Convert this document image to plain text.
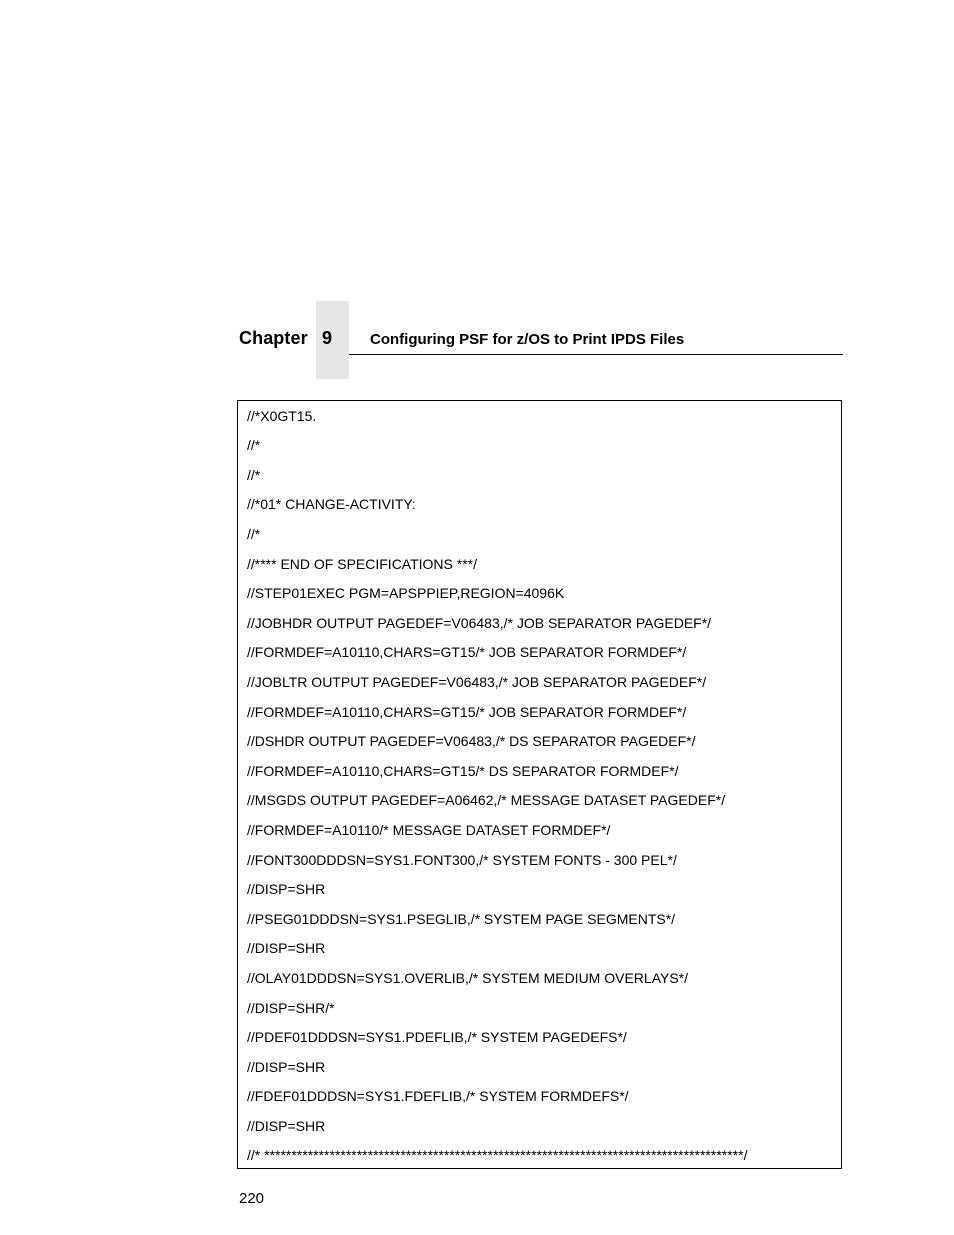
Chapter 9	Configuring PSF for z/OS to Print IPDS Files
//*X0GT15.
//*
//*
//*01* CHANGE-ACTIVITY:
//*
//**** END OF SPECIFICATIONS ***/
//STEP01EXEC PGM=APSPPIEP,REGION=4096K
//JOBHDR OUTPUT PAGEDEF=V06483,/* JOB SEPARATOR PAGEDEF*/
//FORMDEF=A10110,CHARS=GT15/* JOB SEPARATOR FORMDEF*/
//JOBLTR OUTPUT PAGEDEF=V06483,/* JOB SEPARATOR PAGEDEF*/
//FORMDEF=A10110,CHARS=GT15/* JOB SEPARATOR FORMDEF*/
//DSHDR OUTPUT PAGEDEF=V06483,/* DS SEPARATOR PAGEDEF*/
//FORMDEF=A10110,CHARS=GT15/* DS SEPARATOR FORMDEF*/
//MSGDS OUTPUT PAGEDEF=A06462,/* MESSAGE DATASET PAGEDEF*/
//FORMDEF=A10110/* MESSAGE DATASET FORMDEF*/
//FONT300DDDSN=SYS1.FONT300,/* SYSTEM FONTS - 300 PEL*/
//DISP=SHR
//PSEG01DDDSN=SYS1.PSEGLIB,/* SYSTEM PAGE SEGMENTS*/
//DISP=SHR
//OLAY01DDDSN=SYS1.OVERLIB,/* SYSTEM MEDIUM OVERLAYS*/
//DISP=SHR/*
//PDEF01DDDSN=SYS1.PDEFLIB,/* SYSTEM PAGEDEFS*/
//DISP=SHR
//FDEF01DDDSN=SYS1.FDEFLIB,/* SYSTEM FORMDEFS*/
//DISP=SHR
//* ****************************************************************************************/
220
